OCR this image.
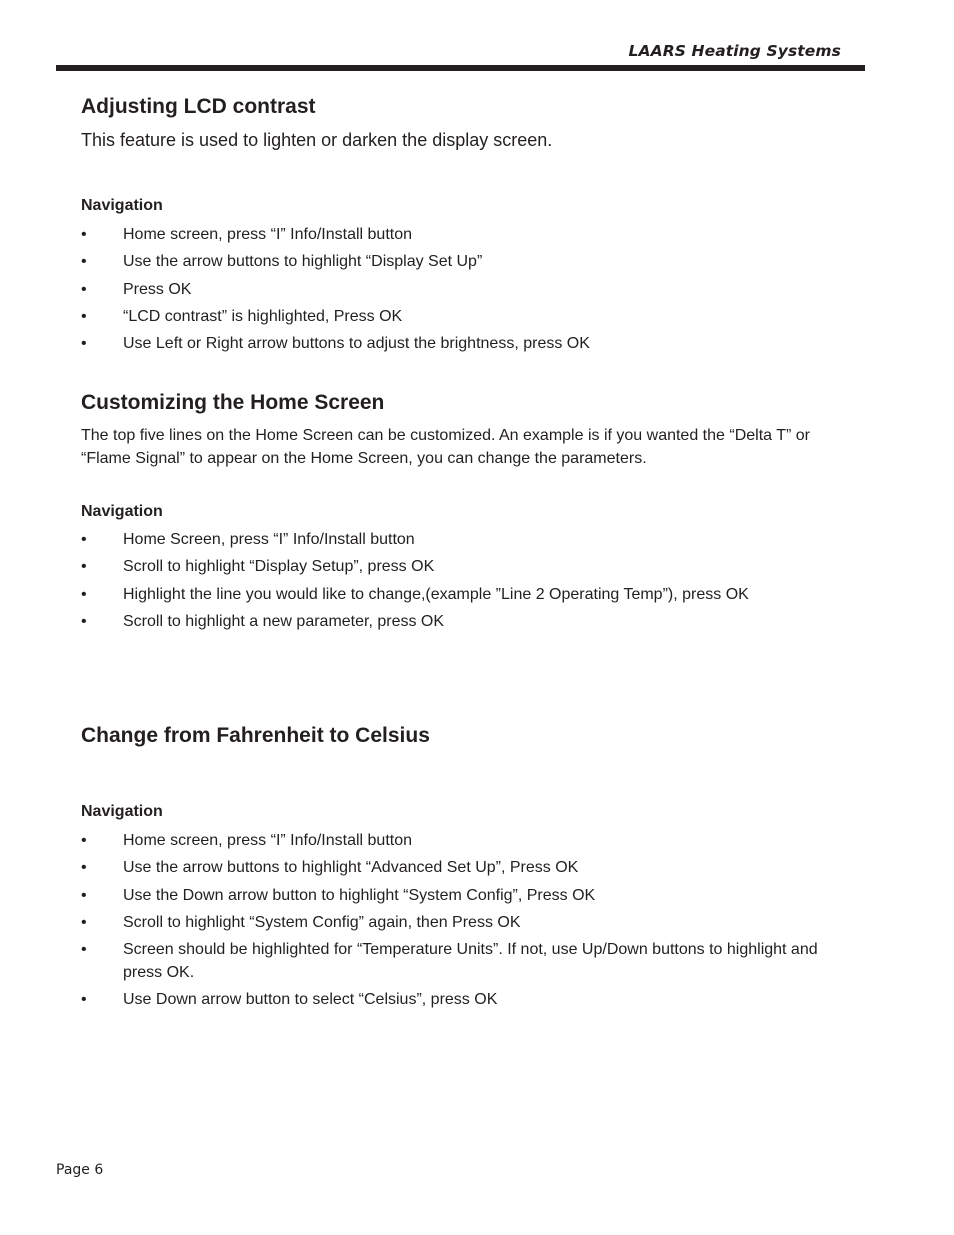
LAARS Heating Systems
Adjusting LCD contrast

This feature is used to lighten or darken the display screen.

Navigation

• Home screen, press “I” Info/Install button
• Use the arrow buttons to highlight “Display Set Up”
• Press OK
• “LCD contrast” is highlighted, Press OK
• Use Left or Right arrow buttons to adjust the brightness, press OK
Customizing the Home Screen

The top five lines on the Home Screen can be customized. An example is if you wanted the “Delta T” or “Flame Signal” to appear on the Home Screen, you can change the parameters.

Navigation

• Home Screen, press “I” Info/Install button
• Scroll to highlight “Display Setup”, press OK
• Highlight the line you would like to change,(example ”Line 2 Operating Temp”), press OK
• Scroll to highlight a new parameter, press OK
Change from Fahrenheit to Celsius

Navigation

• Home screen, press “I” Info/Install button
• Use the arrow buttons to highlight “Advanced Set Up”, Press OK
• Use the Down arrow button to highlight “System Config”, Press OK
• Scroll to highlight “System Config” again, then Press OK
• Screen should be highlighted for “Temperature Units”. If not, use Up/Down buttons to highlight and press OK.
• Use Down arrow button to select “Celsius”, press OK
Page 6
